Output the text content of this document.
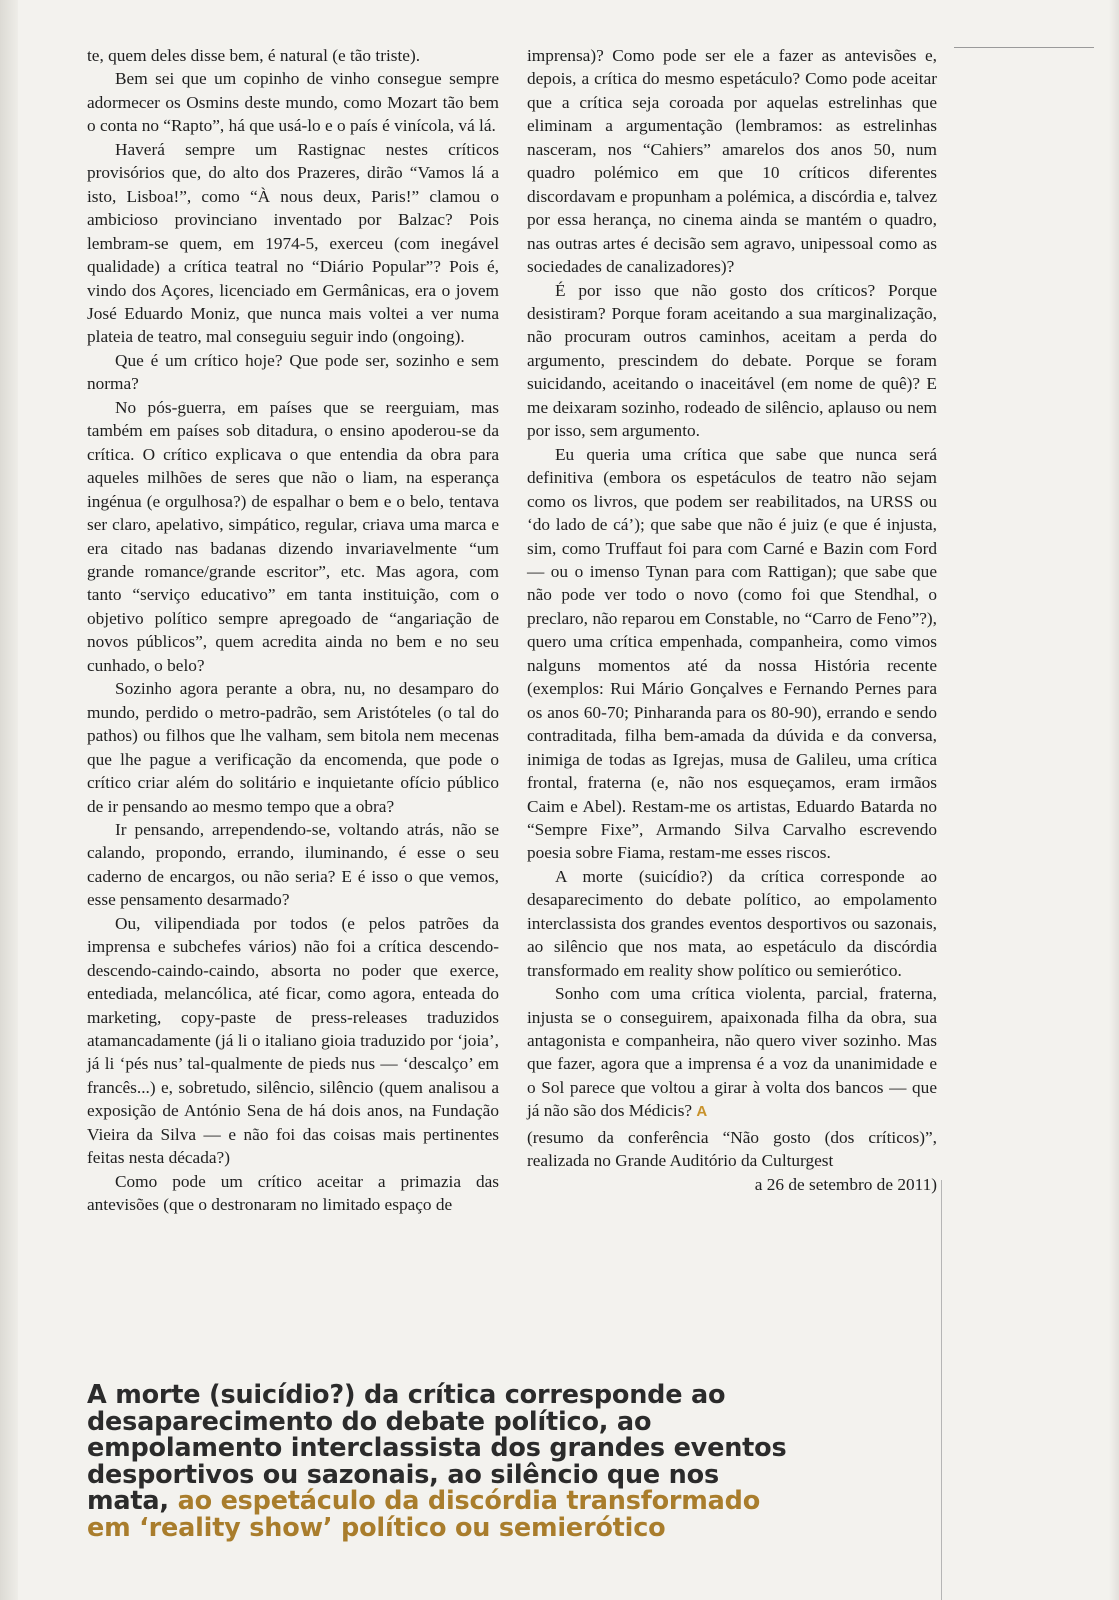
te, quem deles disse bem, é natural (e tão triste).

Bem sei que um copinho de vinho consegue sempre adormecer os Osmins deste mundo, como Mozart tão bem o conta no “Rapto”, há que usá-lo e o país é vinícola, vá lá.

Haverá sempre um Rastignac nestes críticos provisórios que, do alto dos Prazeres, dirão “Vamos lá a isto, Lisboa!”, como “À nous deux, Paris!” clamou o ambicioso provinciano inventado por Balzac? Pois lembram-se quem, em 1974-5, exerceu (com inegável qualidade) a crítica teatral no “Diário Popular”? Pois é, vindo dos Açores, licenciado em Germânicas, era o jovem José Eduardo Moniz, que nunca mais voltei a ver numa plateia de teatro, mal conseguiu seguir indo (ongoing).

Que é um crítico hoje? Que pode ser, sozinho e sem norma?

No pós-guerra, em países que se reerguiam, mas também em países sob ditadura, o ensino apoderou-se da crítica. O crítico explicava o que entendia da obra para aqueles milhões de seres que não o liam, na esperança ingénua (e orgulhosa?) de espalhar o bem e o belo, tentava ser claro, apelativo, simpático, regular, criava uma marca e era citado nas badanas dizendo invariavelmente “um grande romance/grande escritor”, etc. Mas agora, com tanto “serviço educativo” em tanta instituição, com o objetivo político sempre apregoado de “angariação de novos públicos”, quem acredita ainda no bem e no seu cunhado, o belo?

Sozinho agora perante a obra, nu, no desamparo do mundo, perdido o metro-padrão, sem Aristóteles (o tal do pathos) ou filhos que lhe valham, sem bitola nem mecenas que lhe pague a verificação da encomenda, que pode o crítico criar além do solitário e inquietante ofício público de ir pensando ao mesmo tempo que a obra?

Ir pensando, arrependendo-se, voltando atrás, não se calando, propondo, errando, iluminando, é esse o seu caderno de encargos, ou não seria? E é isso o que vemos, esse pensamento desarmado?

Ou, vilipendiada por todos (e pelos patrões da imprensa e subchefes vários) não foi a crítica descendo-descendo-caindo-caindo, absorta no poder que exerce, entediada, melancólica, até ficar, como agora, enteada do marketing, copy-paste de press-releases traduzidos atamancadamente (já li o italiano gioia traduzido por ‘joia’, já li ‘pés nus’ tal-qualmente de pieds nus — ‘descalço’ em francês...) e, sobretudo, silêncio, silêncio (quem analisou a exposição de António Sena de há dois anos, na Fundação Vieira da Silva — e não foi das coisas mais pertinentes feitas nesta década?)

Como pode um crítico aceitar a primazia das antevisões (que o destronaram no limitado espaço de

imprensa)? Como pode ser ele a fazer as antevisões e, depois, a crítica do mesmo espetáculo? Como pode aceitar que a crítica seja coroada por aquelas estrelinhas que eliminam a argumentação (lembramos: as estrelinhas nasceram, nos “Cahiers” amarelos dos anos 50, num quadro polémico em que 10 críticos diferentes discordavam e propunham a polémica, a discórdia e, talvez por essa herança, no cinema ainda se mantém o quadro, nas outras artes é decisão sem agravo, unipessoal como as sociedades de canalizadores)?

É por isso que não gosto dos críticos? Porque desistiram? Porque foram aceitando a sua marginalização, não procuram outros caminhos, aceitam a perda do argumento, prescindem do debate. Porque se foram suicidando, aceitando o inaceitável (em nome de quê)? E me deixaram sozinho, rodeado de silêncio, aplauso ou nem por isso, sem argumento.

Eu queria uma crítica que sabe que nunca será definitiva (embora os espetáculos de teatro não sejam como os livros, que podem ser reabilitados, na URSS ou ‘do lado de cá’); que sabe que não é juiz (e que é injusta, sim, como Truffaut foi para com Carné e Bazin com Ford — ou o imenso Tynan para com Rattigan); que sabe que não pode ver todo o novo (como foi que Stendhal, o preclaro, não reparou em Constable, no “Carro de Feno”?), quero uma crítica empenhada, companheira, como vimos nalguns momentos até da nossa História recente (exemplos: Rui Mário Gonçalves e Fernando Pernes para os anos 60-70; Pinharanda para os 80-90), errando e sendo contraditada, filha bem-amada da dúvida e da conversa, inimiga de todas as Igrejas, musa de Galileu, uma crítica frontal, fraterna (e, não nos esqueçamos, eram irmãos Caim e Abel). Restam-me os artistas, Eduardo Batarda no “Sempre Fixe”, Armando Silva Carvalho escrevendo poesia sobre Fiama, restam-me esses riscos.

A morte (suicídio?) da crítica corresponde ao desaparecimento do debate político, ao empolamento interclassista dos grandes eventos desportivos ou sazonais, ao silêncio que nos mata, ao espetáculo da discórdia transformado em reality show político ou semierótico.

Sonho com uma crítica violenta, parcial, fraterna, injusta se o conseguirem, apaixonada filha da obra, sua antagonista e companheira, não quero viver sozinho. Mas que fazer, agora que a imprensa é a voz da unanimidade e o Sol parece que voltou a girar à volta dos bancos — que já não são dos Médicis? A

(resumo da conferência “Não gosto (dos críticos)”, realizada no Grande Auditório da Culturgest
a 26 de setembro de 2011)

A morte (suicídio?) da crítica corresponde ao desaparecimento do debate político, ao empolamento interclassista dos grandes eventos desportivos ou sazonais, ao silêncio que nos mata, ao espetáculo da discórdia transformado em ‘reality show’ político ou semierótico
